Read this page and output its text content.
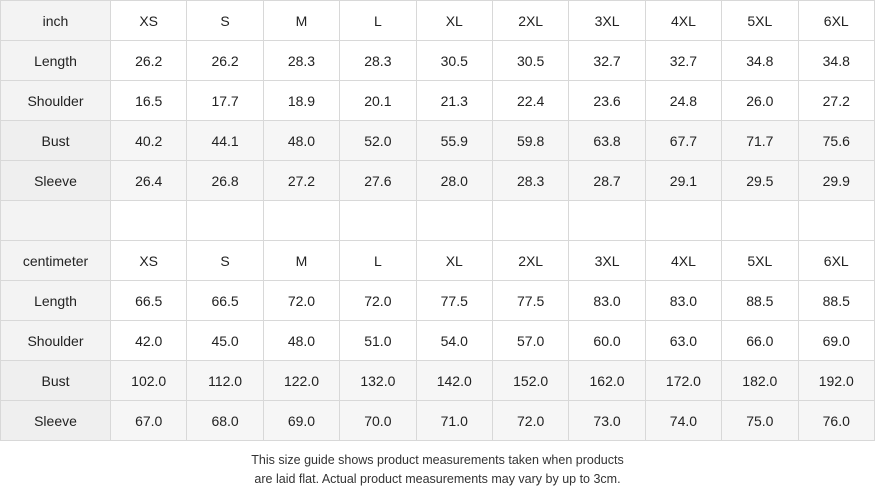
inch	XS	S	M	L	XL	2XL	3XL	4XL	5XL	6XL
Length	26.2	26.2	28.3	28.3	30.5	30.5	32.7	32.7	34.8	34.8
Shoulder	16.5	17.7	18.9	20.1	21.3	22.4	23.6	24.8	26.0	27.2
Bust	40.2	44.1	48.0	52.0	55.9	59.8	63.8	67.7	71.7	75.6
Sleeve	26.4	26.8	27.2	27.6	28.0	28.3	28.7	29.1	29.5	29.9

centimeter	XS	S	M	L	XL	2XL	3XL	4XL	5XL	6XL
Length	66.5	66.5	72.0	72.0	77.5	77.5	83.0	83.0	88.5	88.5
Shoulder	42.0	45.0	48.0	51.0	54.0	57.0	60.0	63.0	66.0	69.0
Bust	102.0	112.0	122.0	132.0	142.0	152.0	162.0	172.0	182.0	192.0
Sleeve	67.0	68.0	69.0	70.0	71.0	72.0	73.0	74.0	75.0	76.0
This size guide shows product measurements taken when products
are laid flat. Actual product measurements may vary by up to 3cm.
